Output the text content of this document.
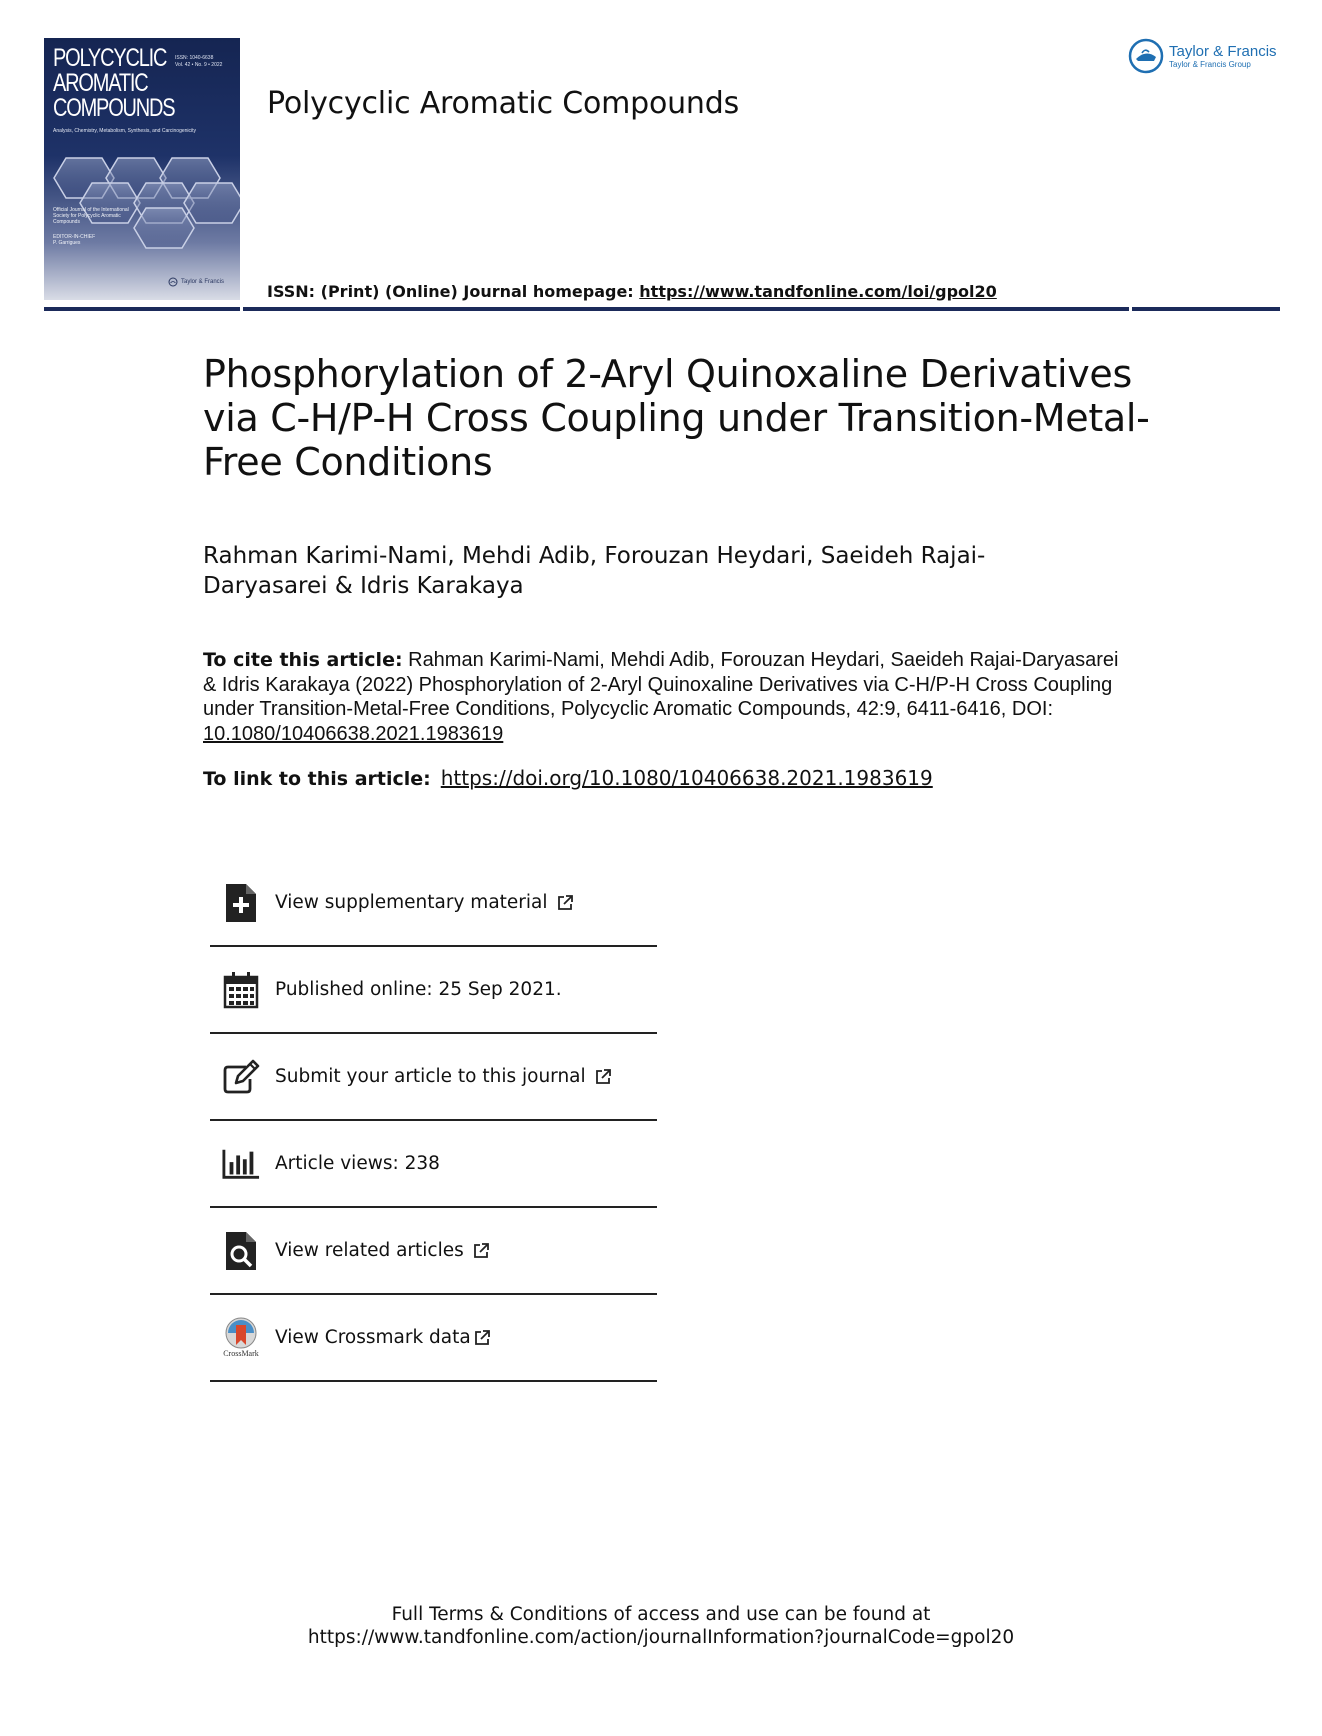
POLYCYCLIC
AROMATIC
COMPOUNDS
ISSN: 1040-6638
Vol. 42 • No. 9 • 2022
Analysis, Chemistry, Metabolism, Synthesis, and Carcinogenicity
Official Journal of the International
Society for Polycyclic Aromatic
Compounds
EDITOR-IN-CHIEF
P. Garrigues
Taylor & Francis
Polycyclic Aromatic Compounds
Taylor & Francis
Taylor & Francis Group
ISSN: (Print) (Online) Journal homepage: https://www.tandfonline.com/loi/gpol20
Phosphorylation of 2-Aryl Quinoxaline Derivatives via C-H/P-H Cross Coupling under Transition-Metal-Free Conditions
Rahman Karimi-Nami, Mehdi Adib, Forouzan Heydari, Saeideh Rajai-Daryasarei & Idris Karakaya
To cite this article: Rahman Karimi-Nami, Mehdi Adib, Forouzan Heydari, Saeideh Rajai-Daryasarei & Idris Karakaya (2022) Phosphorylation of 2-Aryl Quinoxaline Derivatives via C-H/P-H Cross Coupling under Transition-Metal-Free Conditions, Polycyclic Aromatic Compounds, 42:9, 6411-6416, DOI: 10.1080/10406638.2021.1983619
To link to this article: https://doi.org/10.1080/10406638.2021.1983619
View supplementary material
Published online: 25 Sep 2021.
Submit your article to this journal
Article views: 238
View related articles
CrossMark
View Crossmark data
Full Terms & Conditions of access and use can be found at
https://www.tandfonline.com/action/journalInformation?journalCode=gpol20
